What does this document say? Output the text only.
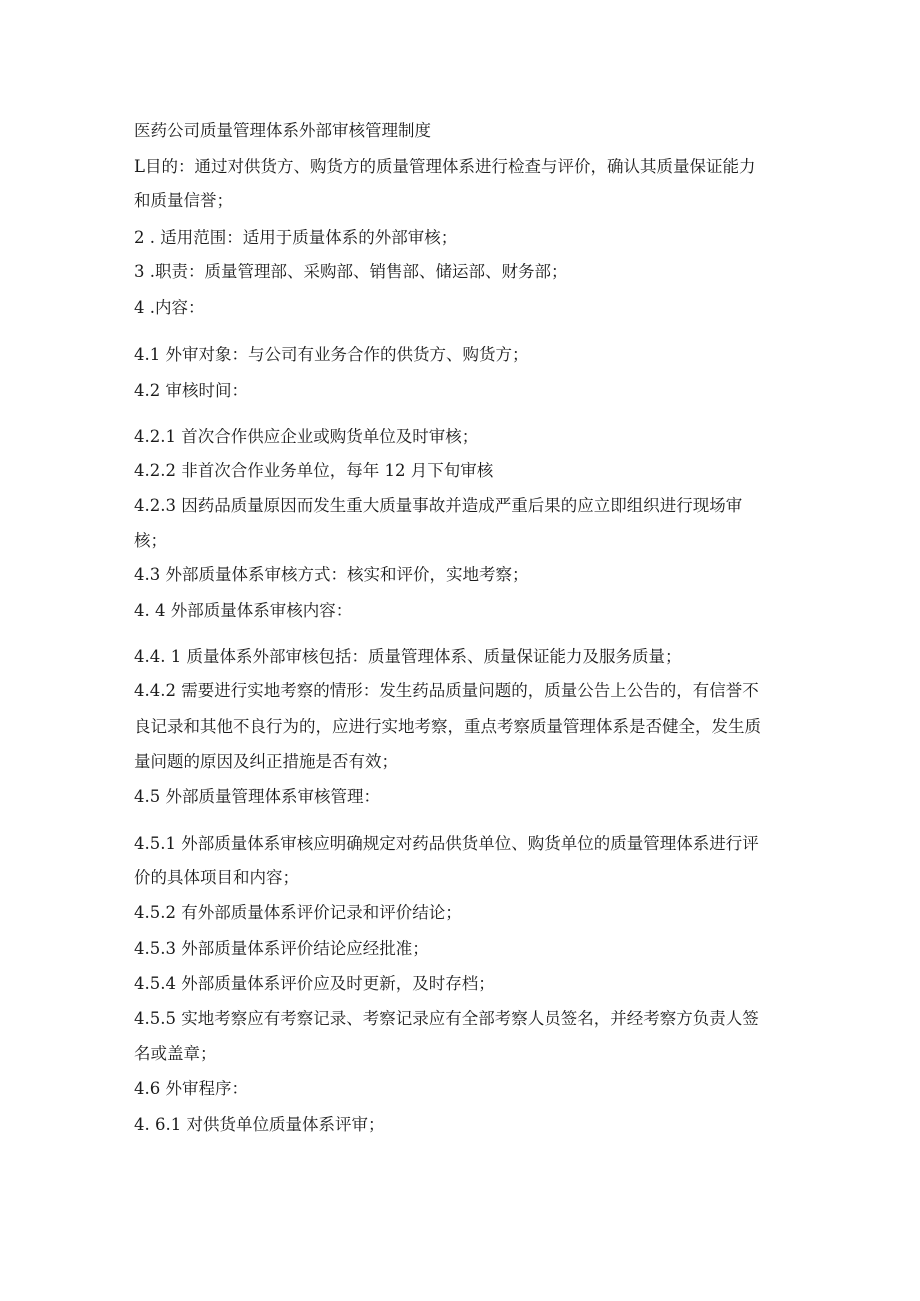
医药公司质量管理体系外部审核管理制度
L目的：通过对供货方、购货方的质量管理体系进行检查与评价，确认其质量保证能力
和质量信誉；
2 . 适用范围：适用于质量体系的外部审核；
3 .职责：质量管理部、采购部、销售部、储运部、财务部；
4 .内容：
4.1 外审对象：与公司有业务合作的供货方、购货方；
4.2 审核时间：
4.2.1 首次合作供应企业或购货单位及时审核；
4.2.2 非首次合作业务单位，每年 12 月下旬审核
4.2.3 因药品质量原因而发生重大质量事故并造成严重后果的应立即组织进行现场审
核；
4.3 外部质量体系审核方式：核实和评价，实地考察；
4. 4 外部质量体系审核内容：
4.4. 1 质量体系外部审核包括：质量管理体系、质量保证能力及服务质量；
4.4.2 需要进行实地考察的情形：发生药品质量问题的，质量公告上公告的，有信誉不
良记录和其他不良行为的，应进行实地考察，重点考察质量管理体系是否健全，发生质
量问题的原因及纠正措施是否有效；
4.5 外部质量管理体系审核管理：
4.5.1 外部质量体系审核应明确规定对药品供货单位、购货单位的质量管理体系进行评
价的具体项目和内容；
4.5.2 有外部质量体系评价记录和评价结论；
4.5.3 外部质量体系评价结论应经批准；
4.5.4 外部质量体系评价应及时更新，及时存档；
4.5.5 实地考察应有考察记录、考察记录应有全部考察人员签名，并经考察方负责人签
名或盖章；
4.6 外审程序：
4. 6.1 对供货单位质量体系评审；
